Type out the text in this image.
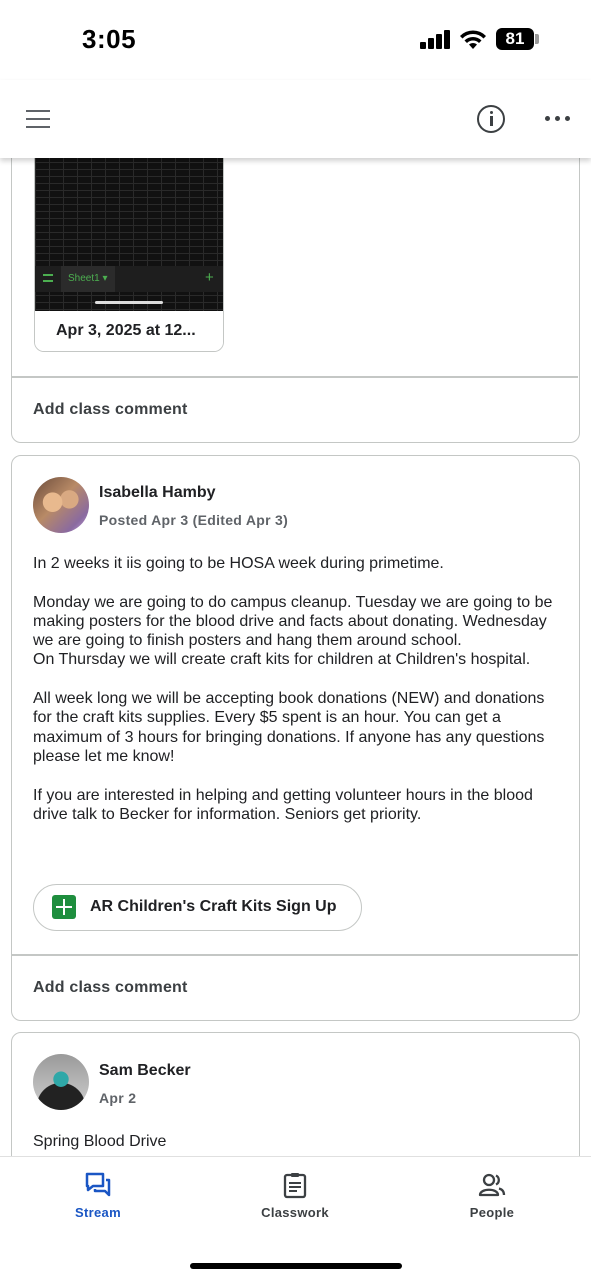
3:05	81
Sheet1 ▾	+
Apr 3, 2025 at 12...
Add class comment
Isabella Hamby
Posted Apr 3 (Edited Apr 3)
In 2 weeks it iis going to be HOSA week during primetime.

Monday we are going to do campus cleanup. Tuesday we are going to be making posters for the blood drive and facts about donating. Wednesday we are going to finish posters and hang them around school.
On Thursday we will create craft kits for children at Children's hospital.

All week long we will be accepting book donations (NEW) and donations for the craft kits supplies. Every $5 spent is an hour. You can get a maximum of 3 hours for bringing donations. If anyone has any questions please let me know!

If you are interested in helping and getting volunteer hours in the blood drive talk to Becker for information. Seniors get priority.
AR Children's Craft Kits Sign Up
Add class comment
Sam Becker
Apr 2
Spring Blood Drive
Stream	Classwork	People
